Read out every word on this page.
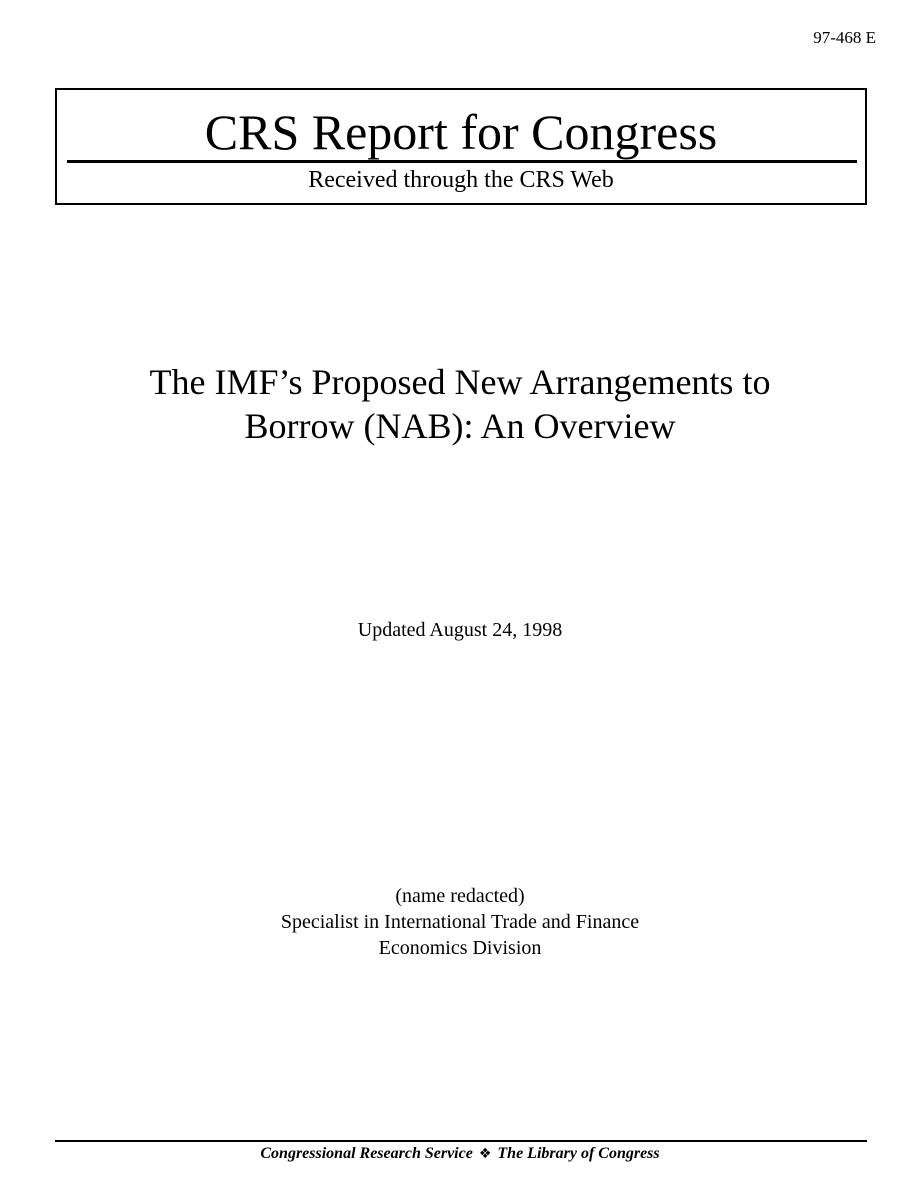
97-468 E
CRS Report for Congress
Received through the CRS Web
The IMF’s Proposed New Arrangements to
Borrow (NAB): An Overview
Updated August 24, 1998
(name redacted)
Specialist in International Trade and Finance
Economics Division
Congressional Research Service ❖ The Library of Congress
